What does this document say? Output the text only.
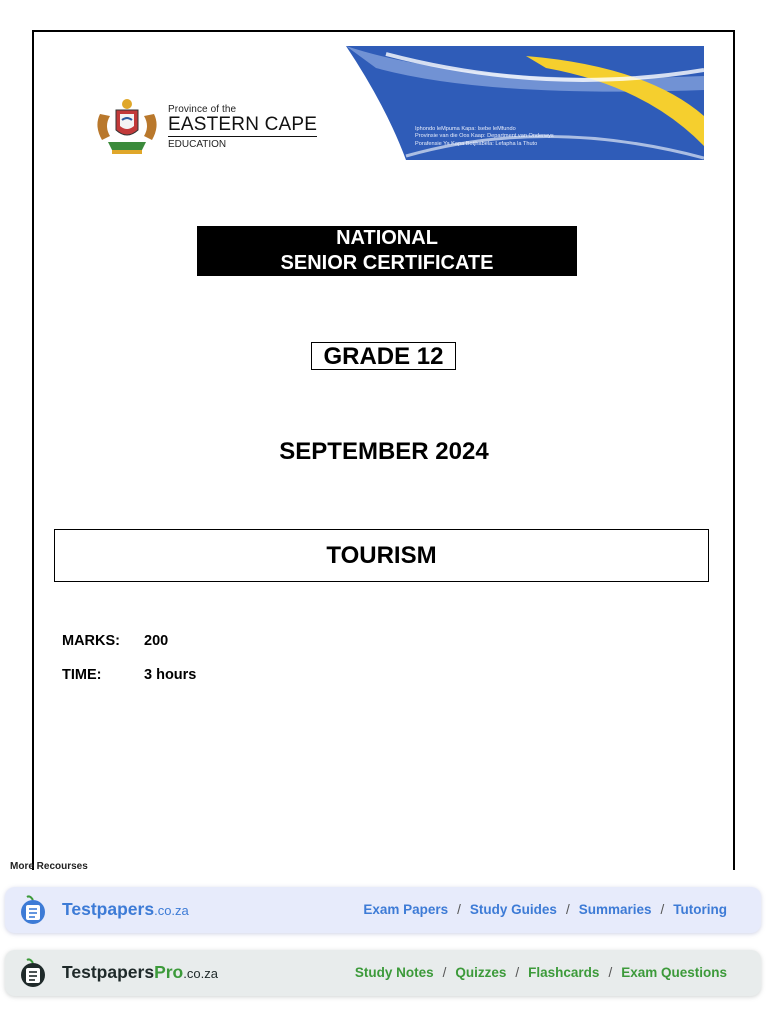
Province of the
EASTERN CAPE
EDUCATION
Iphondo leMpuma Kapa: Isebe leMfundo
Provinsie van die Oos Kaap: Department van Onderwys
Porafensie Ya Kapa Botjhabela: Lefapha la Thuto
NATIONAL
SENIOR CERTIFICATE
GRADE 12
SEPTEMBER 2024
TOURISM
MARKS: 200
TIME:	3 hours
More Recourses
Testpapers.co.za	Exam Papers / Study Guides / Summaries / Tutoring
TestpapersPro.co.za	Study Notes / Quizzes / Flashcards / Exam Questions
